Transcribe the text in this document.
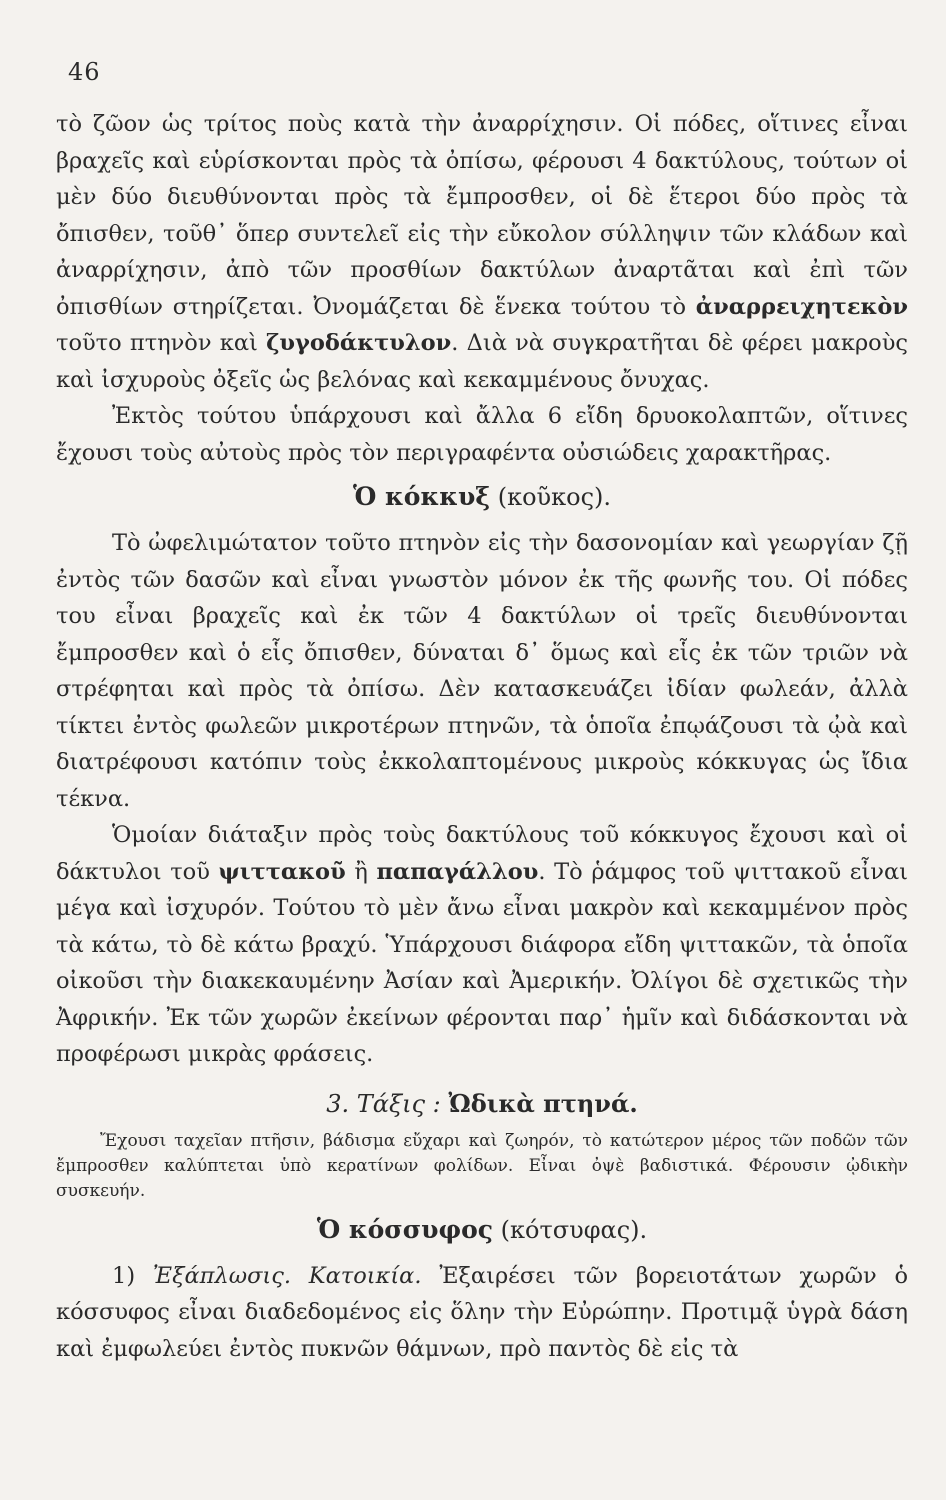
46

τὸ ζῶον ὡς τρίτος ποὺς κατὰ τὴν ἀναρρίχησιν. Οἱ πόδες, οἵτινες εἶναι βραχεῖς καὶ εὑρίσκονται πρὸς τὰ ὀπίσω, φέρουσι 4 δακτύλους, τούτων οἱ μὲν δύο διευθύνονται πρὸς τὰ ἔμπροσθεν, οἱ δὲ ἕτεροι δύο πρὸς τὰ ὄπισθεν, τοῦθ᾽ ὅπερ συντελεῖ εἰς τὴν εὔκολον σύλληψιν τῶν κλάδων καὶ ἀναρρίχησιν, ἀπὸ τῶν προσθίων δακτύλων ἀναρτᾶται καὶ ἐπὶ τῶν ὀπισθίων στηρίζεται. Ὀνομάζεται δὲ ἕνεκα τούτου τὸ ἀναρρειχητεκὸν τοῦτο πτηνὸν καὶ ζυγοδάκτυλον. Διὰ νὰ συγκρατῆται δὲ φέρει μακροὺς καὶ ἰσχυροὺς ὀξεῖς ὡς βελόνας καὶ κεκαμμένους ὄνυχας.

Ἐκτὸς τούτου ὑπάρχουσι καὶ ἄλλα 6 εἴδη δρυοκολαπτῶν, οἵτινες ἔχουσι τοὺς αὐτοὺς πρὸς τὸν περιγραφέντα οὐσιώδεις χαρακτῆρας.

Ὁ κόκκυξ (κοῦκος).

Τὸ ὠφελιμώτατον τοῦτο πτηνὸν εἰς τὴν δασονομίαν καὶ γεωργίαν ζῇ ἐντὸς τῶν δασῶν καὶ εἶναι γνωστὸν μόνον ἐκ τῆς φωνῆς του. Οἱ πόδες του εἶναι βραχεῖς καὶ ἐκ τῶν 4 δακτύλων οἱ τρεῖς διευθύνονται ἔμπροσθεν καὶ ὁ εἷς ὄπισθεν, δύναται δ᾽ ὅμως καὶ εἷς ἐκ τῶν τριῶν νὰ στρέφηται καὶ πρὸς τὰ ὀπίσω. Δὲν κατασκευάζει ἰδίαν φωλεάν, ἀλλὰ τίκτει ἐντὸς φωλεῶν μικροτέρων πτηνῶν, τὰ ὁποῖα ἐπῳάζουσι τὰ ᾠὰ καὶ διατρέφουσι κατόπιν τοὺς ἐκκολαπτομένους μικροὺς κόκκυγας ὡς ἴδια τέκνα.

Ὁμοίαν διάταξιν πρὸς τοὺς δακτύλους τοῦ κόκκυγος ἔχουσι καὶ οἱ δάκτυλοι τοῦ ψιττακοῦ ἢ παπαγάλλου. Τὸ ῥάμφος τοῦ ψιττακοῦ εἶναι μέγα καὶ ἰσχυρόν. Τούτου τὸ μὲν ἄνω εἶναι μακρὸν καὶ κεκαμμένον πρὸς τὰ κάτω, τὸ δὲ κάτω βραχύ. Ὑπάρχουσι διάφορα εἴδη ψιττακῶν, τὰ ὁποῖα οἰκοῦσι τὴν διακεκαυμένην Ἀσίαν καὶ Ἀμερικήν. Ὀλίγοι δὲ σχετικῶς τὴν Ἀφρικήν. Ἐκ τῶν χωρῶν ἐκείνων φέρονται παρ᾽ ἡμῖν καὶ διδάσκονται νὰ προφέρωσι μικρὰς φράσεις.

3. Τάξις : Ὠδικὰ πτηνά.

Ἔχουσι ταχεῖαν πτῆσιν, βάδισμα εὔχαρι καὶ ζωηρόν, τὸ κατώτερον μέρος τῶν ποδῶν τῶν ἔμπροσθεν καλύπτεται ὑπὸ κερατίνων φολίδων. Εἶναι ὀψὲ βαδιστικά. Φέρουσιν ᾠδικὴν συσκευήν.

Ὁ κόσσυφος (κότσυφας).

1) Ἐξάπλωσις. Κατοικία. Ἐξαιρέσει τῶν βορειοτάτων χωρῶν ὁ κόσσυφος εἶναι διαδεδομένος εἰς ὅλην τὴν Εὐρώπην. Προτιμᾷ ὑγρὰ δάση καὶ ἐμφωλεύει ἐντὸς πυκνῶν θάμνων, πρὸ παντὸς δὲ εἰς τὰ
